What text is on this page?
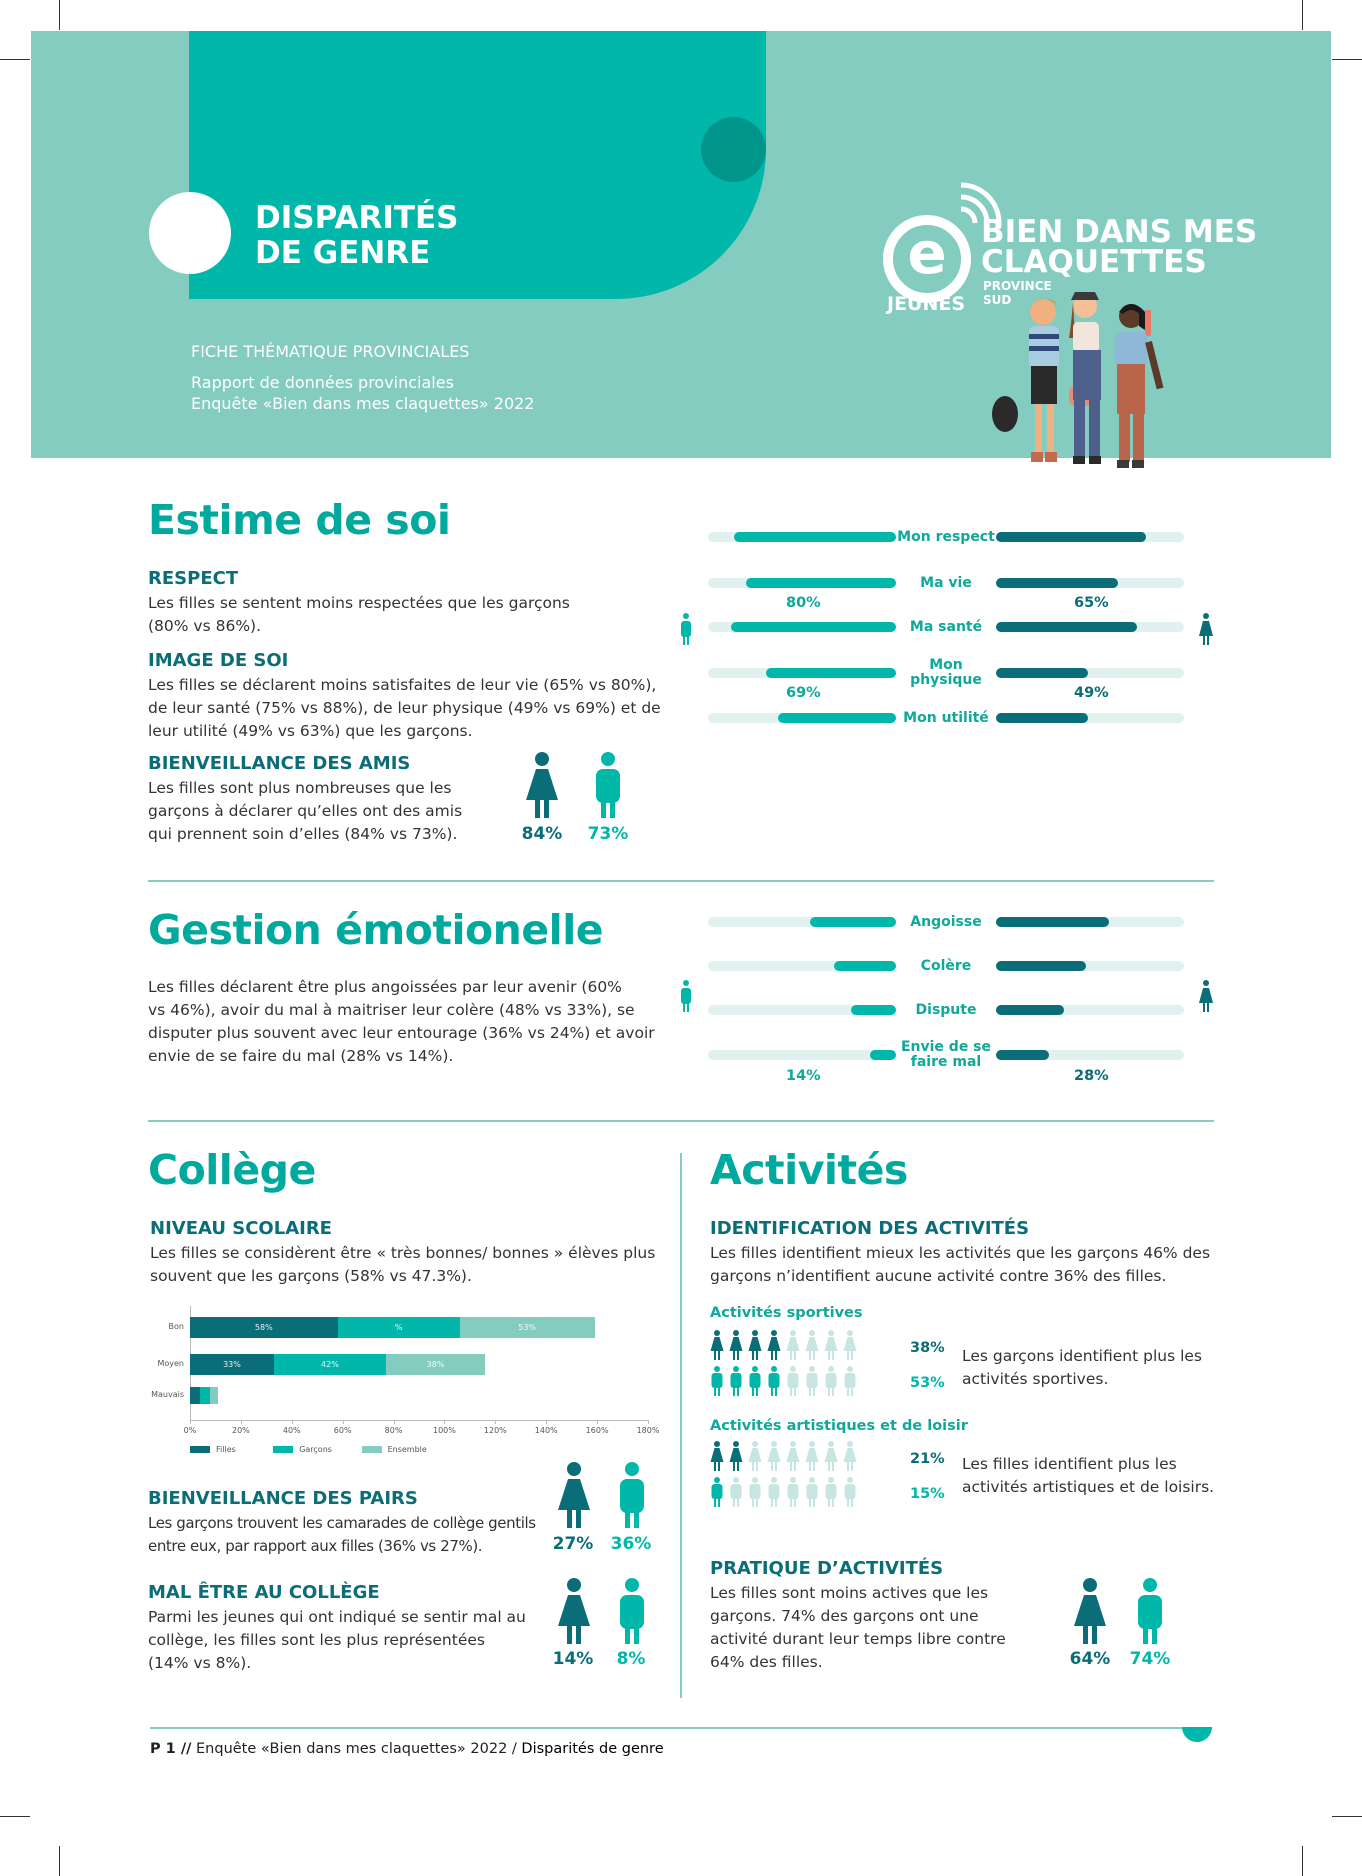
DISPARITÉS
DE GENRE
FICHE THÉMATIQUE PROVINCIALES
Rapport de données provinciales
Enquête «Bien dans mes claquettes» 2022
e
JEUNES
BIEN DANS MES
CLAQUETTES
PROVINCE SUD
Estime de soi
RESPECT
Les filles se sentent moins respectées que les garçons
(80% vs 86%).
IMAGE DE SOI
Les filles se déclarent moins satisfaites de leur vie (65% vs 80%),
de leur santé (75% vs 88%), de leur physique (49% vs 69%) et de
leur utilité (49% vs 63%) que les garçons.
BIENVEILLANCE DES AMIS
Les filles sont plus nombreuses que les
garçons à déclarer qu’elles ont des amis
qui prennent soin d’elles (84% vs 73%).	84%	73%
Mon respect
Ma vie
Ma santé
Mon physique
Mon utilité
80%	65%
69%	49%
Gestion émotionelle
Les filles déclarent être plus angoissées par leur avenir (60%
vs 46%), avoir du mal à maitriser leur colère (48% vs 33%), se
disputer plus souvent avec leur entourage (36% vs 24%) et avoir
envie de se faire du mal (28% vs 14%).
Angoisse
Colère
Dispute
Envie de se faire mal
14%	28%
Collège
NIVEAU SCOLAIRE
Les filles se considèrent être « très bonnes/ bonnes » élèves plus
souvent que les garçons (58% vs 47.3%).
0%	20%	40%	60%	80%	100%	120%	140%	160%	180%
Bon	58%	%	53%
Moyen	33%	42%	38%
Mauvais
Filles	Garçons	Ensemble
BIENVEILLANCE DES PAIRS
Les garçons trouvent les camarades de collège gentils
entre eux, par rapport aux filles (36% vs 27%).	27%	36%
MAL ÊTRE AU COLLÈGE
Parmi les jeunes qui ont indiqué se sentir mal au
collège, les filles sont les plus représentées
(14% vs 8%).	14%	8%
Activités
IDENTIFICATION DES ACTIVITÉS
Les filles identifient mieux les activités que les garçons 46% des
garçons n’identifient aucune activité contre 36% des filles.
Activités sportives
38%
53%
Les garçons identifient plus les
activités sportives.
Activités artistiques et de loisir
21%
15%
Les filles identifient plus les
activités artistiques et de loisirs.
PRATIQUE D’ACTIVITÉS
Les filles sont moins actives que les
garçons. 74% des garçons ont une
activité durant leur temps libre contre
64% des filles.	64%	74%
P 1 // Enquête «Bien dans mes claquettes» 2022 / Disparités de genre
